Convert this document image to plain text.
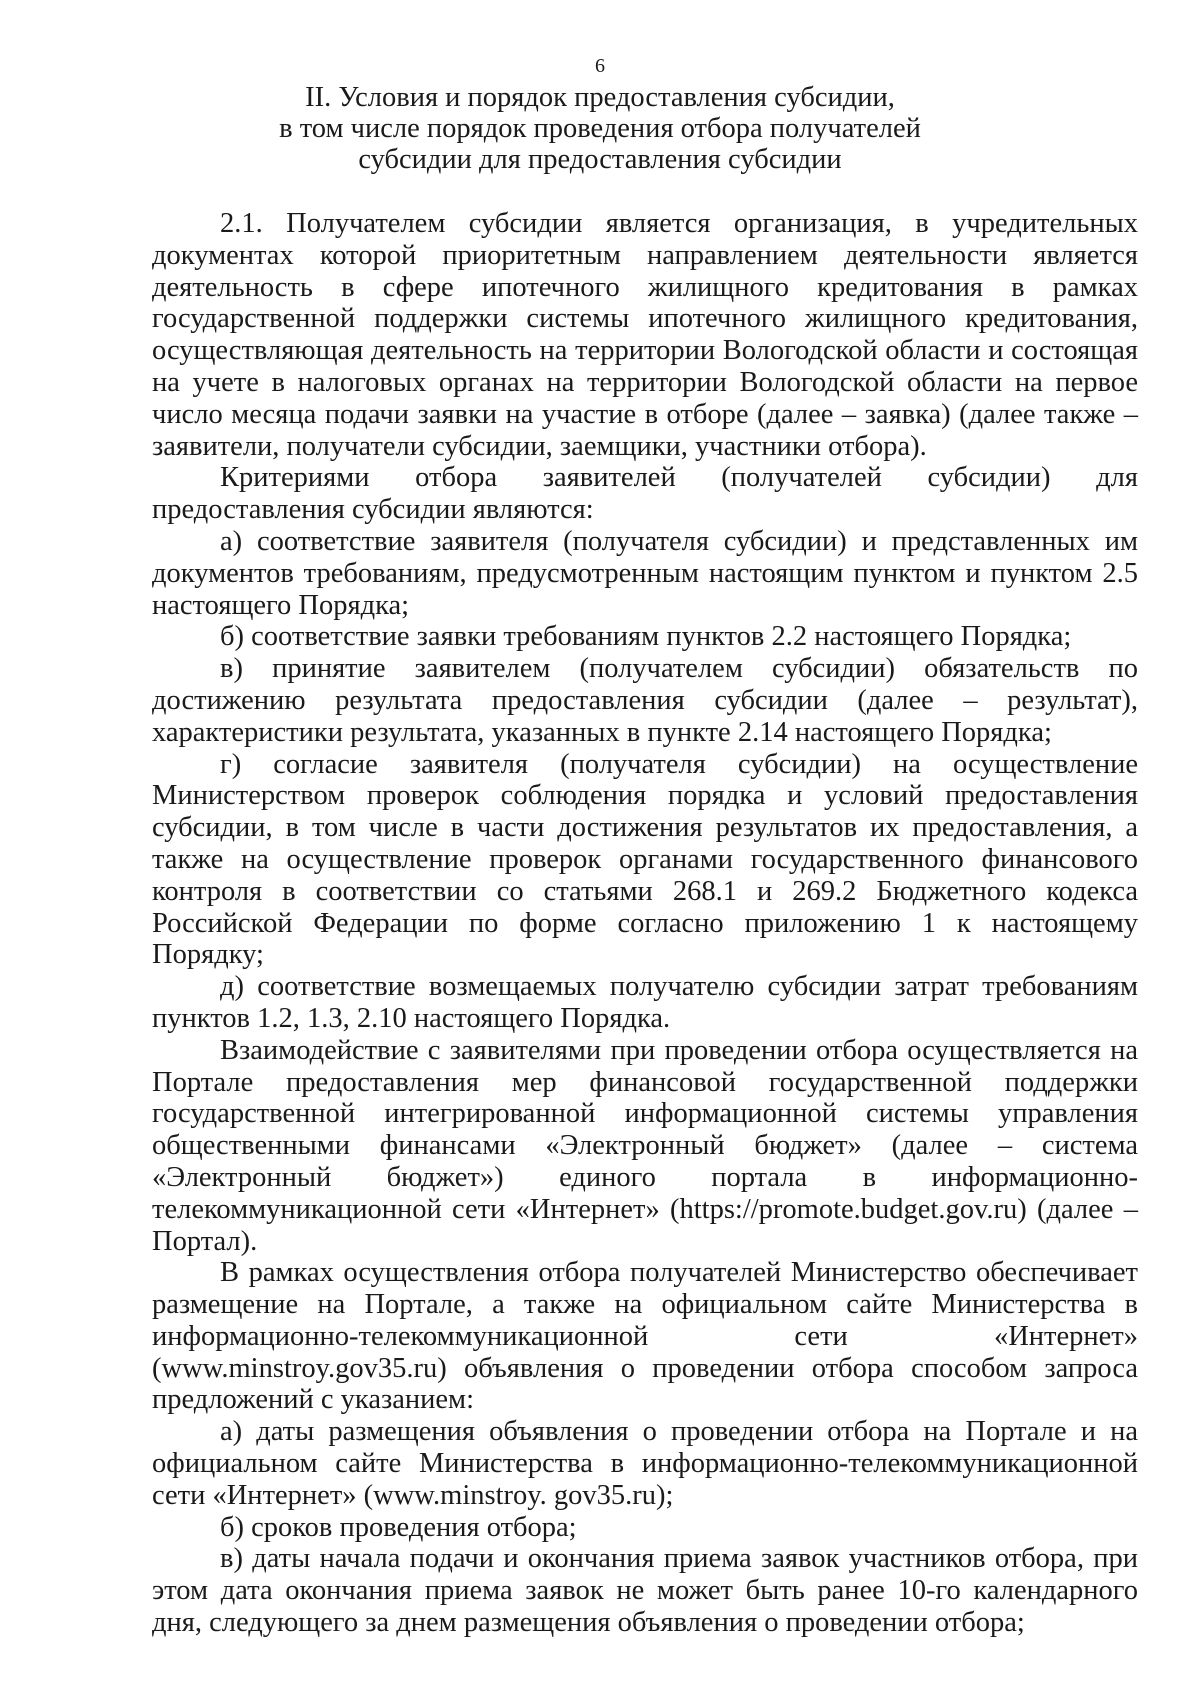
6
II. Условия и порядок предоставления субсидии,
в том числе порядок проведения отбора получателей
субсидии для предоставления субсидии

2.1. Получателем субсидии является организация, в учредительных документах которой приоритетным направлением деятельности является деятельность в сфере ипотечного жилищного кредитования в рамках государственной поддержки системы ипотечного жилищного кредитования, осуществляющая деятельность на территории Вологодской области и состоящая на учете в налоговых органах на территории Вологодской области на первое число месяца подачи заявки на участие в отборе (далее – заявка) (далее также – заявители, получатели субсидии, заемщики, участники отбора).

Критериями отбора заявителей (получателей субсидии) для предоставления субсидии являются:

а) соответствие заявителя (получателя субсидии) и представленных им документов требованиям, предусмотренным настоящим пунктом и пунктом 2.5 настоящего Порядка;

б) соответствие заявки требованиям пунктов 2.2 настоящего Порядка;

в) принятие заявителем (получателем субсидии) обязательств по достижению результата предоставления субсидии (далее – результат), характеристики результата, указанных в пункте 2.14 настоящего Порядка;

г) согласие заявителя (получателя субсидии) на осуществление Министерством проверок соблюдения порядка и условий предоставления субсидии, в том числе в части достижения результатов их предоставления, а также на осуществление проверок органами государственного финансового контроля в соответствии со статьями 268.1 и 269.2 Бюджетного кодекса Российской Федерации по форме согласно приложению 1 к настоящему Порядку;

д) соответствие возмещаемых получателю субсидии затрат требованиям пунктов 1.2, 1.3, 2.10 настоящего Порядка.

Взаимодействие с заявителями при проведении отбора осуществляется на Портале предоставления мер финансовой государственной поддержки государственной интегрированной информационной системы управления общественными финансами «Электронный бюджет» (далее – система «Электронный бюджет») единого портала в информационно-телекоммуникационной сети «Интернет» (https://promote.budget.gov.ru) (далее – Портал).

В рамках осуществления отбора получателей Министерство обеспечивает размещение на Портале, а также на официальном сайте Министерства в информационно-телекоммуникационной сети «Интернет» (www.minstroy.gov35.ru) объявления о проведении отбора способом запроса предложений с указанием:

а) даты размещения объявления о проведении отбора на Портале и на официальном сайте Министерства в информационно-телекоммуникационной сети «Интернет» (www.minstroy. gov35.ru);

б) сроков проведения отбора;

в) даты начала подачи и окончания приема заявок участников отбора, при этом дата окончания приема заявок не может быть ранее 10-го календарного дня, следующего за днем размещения объявления о проведении отбора;
